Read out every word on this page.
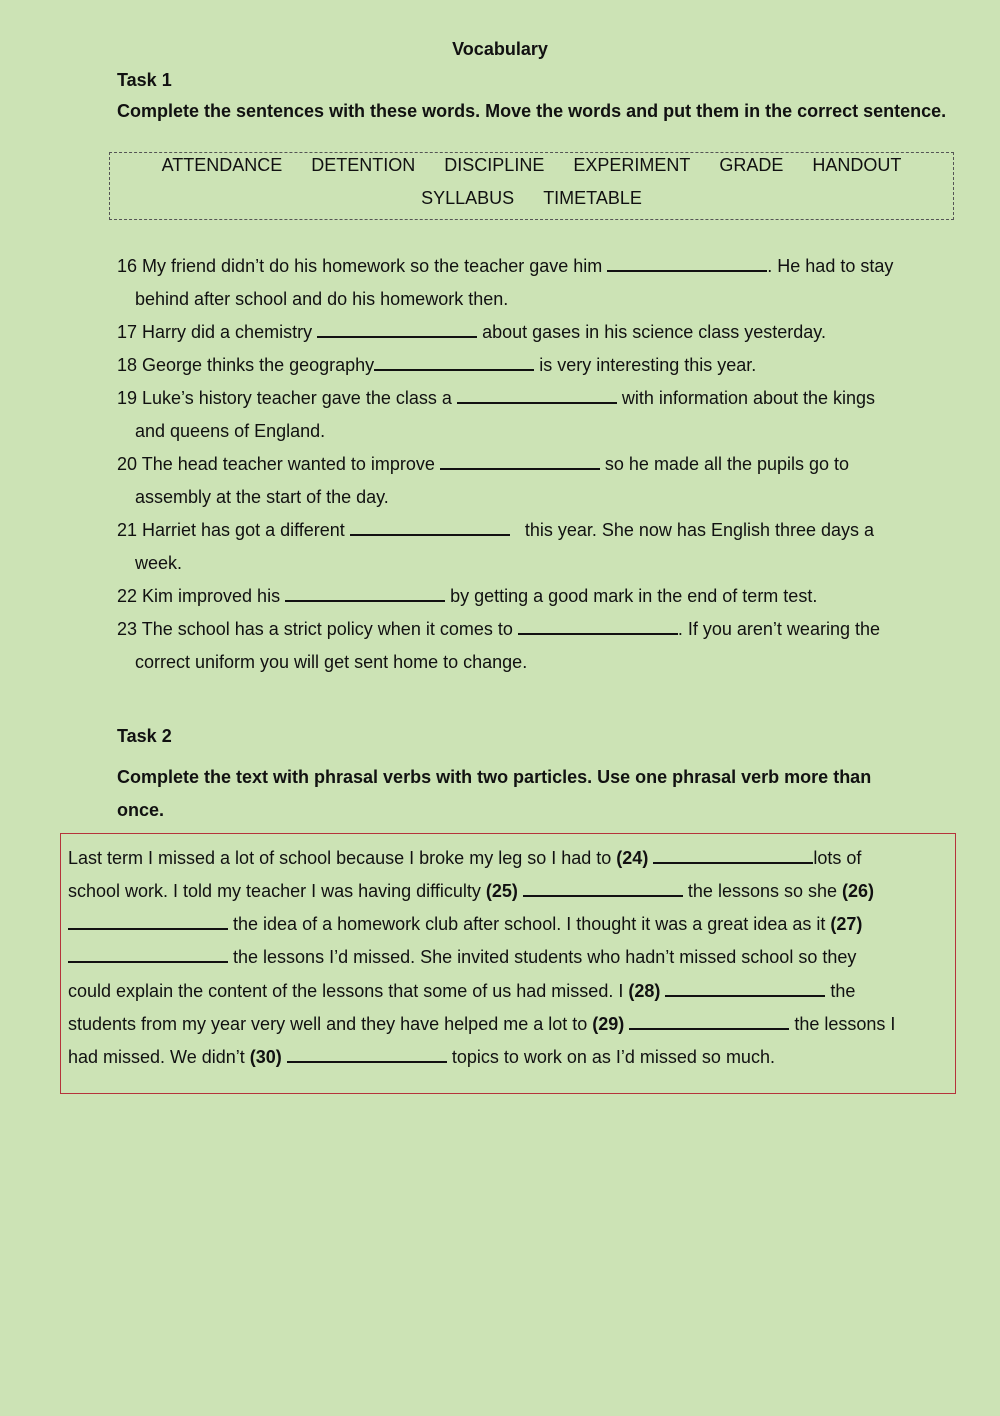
Vocabulary
Task 1
Complete the sentences with these words. Move the words and put them in the correct sentence.
ATTENDANCE DETENTION DISCIPLINE EXPERIMENT GRADE HANDOUT
SYLLABUS TIMETABLE
16 My friend didn’t do his homework so the teacher gave him	. He had to stay
behind after school and do his homework then.
17 Harry did a chemistry	about gases in his science class yesterday.
18 George thinks the geography	is very interesting this year.
19 Luke’s history teacher gave the class a	with information about the kings
and queens of England.
20 The head teacher wanted to improve	so he made all the pupils go to
assembly at the start of the day.
21 Harriet has got a different	this year. She now has English three days a
week.
22 Kim improved his	by getting a good mark in the end of term test.
23 The school has a strict policy when it comes to	. If you aren’t wearing the
correct uniform you will get sent home to change.
Task 2
Complete the text with phrasal verbs with two particles. Use one phrasal verb more than
once.
Last term I missed a lot of school because I broke my leg so I had to (24)	lots of
school work. I told my teacher I was having difficulty (25)	the lessons so she (26)
the idea of a homework club after school. I thought it was a great idea as it (27)
the lessons I’d missed. She invited students who hadn’t missed school so they
could explain the content of the lessons that some of us had missed. I (28)	the
students from my year very well and they have helped me a lot to (29)	the lessons I
had missed. We didn’t (30)	topics to work on as I’d missed so much.
